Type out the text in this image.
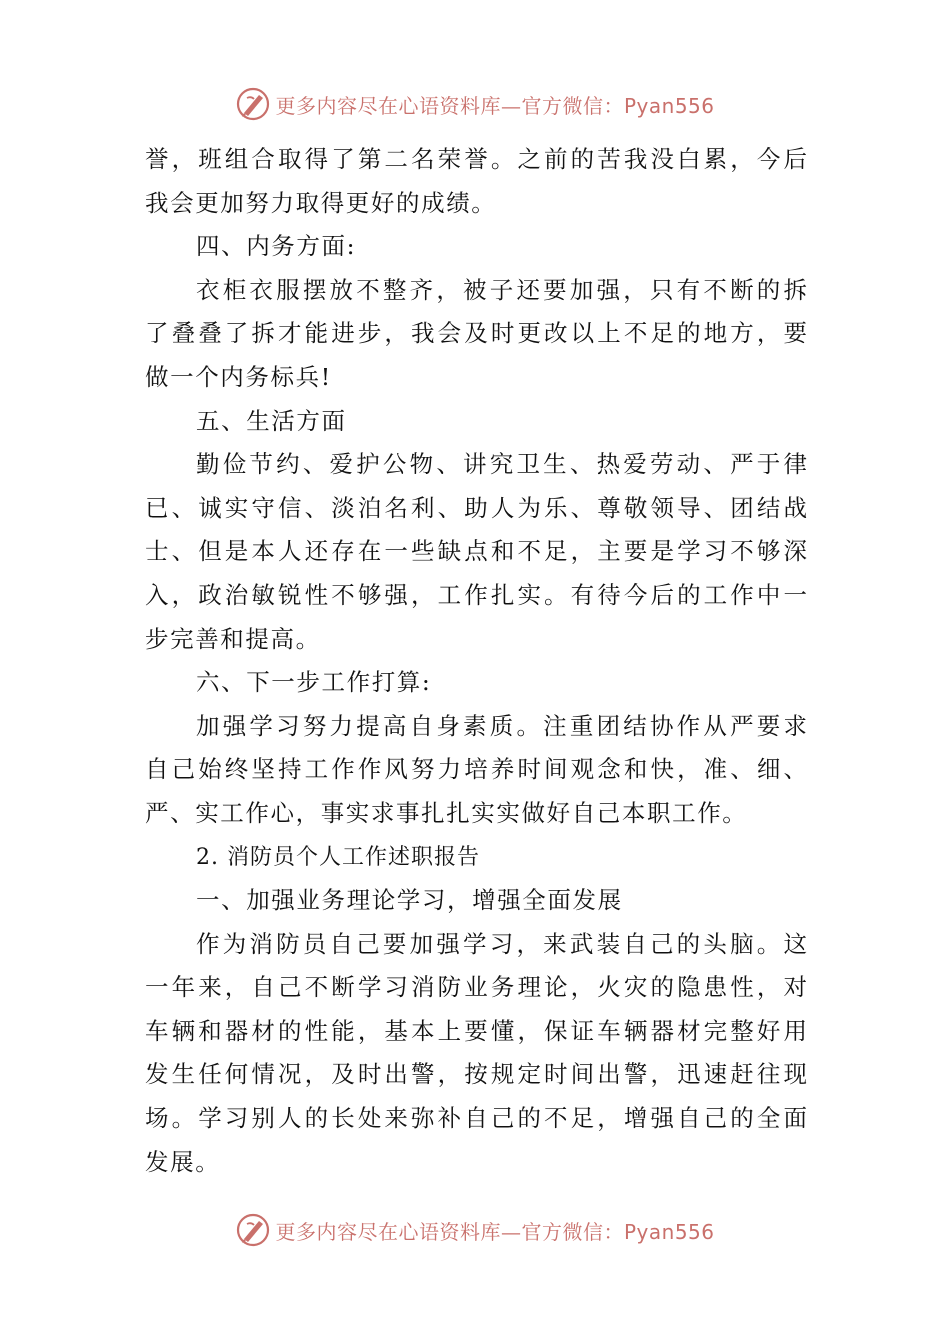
更多内容尽在心语资料库—官方微信：Pyan556
誉，班组合取得了第二名荣誉。之前的苦我没白累，今后
我会更加努力取得更好的成绩。
四、内务方面:
衣柜衣服摆放不整齐，被子还要加强，只有不断的拆
了叠叠了拆才能进步，我会及时更改以上不足的地方，要
做一个内务标兵!
五、生活方面
勤俭节约、爱护公物、讲究卫生、热爱劳动、严于律
已、诚实守信、淡泊名利、助人为乐、尊敬领导、团结战
士、但是本人还存在一些缺点和不足，主要是学习不够深
入，政治敏锐性不够强，工作扎实。有待今后的工作中一
步完善和提高。
六、下一步工作打算:
加强学习努力提高自身素质。注重团结协作从严要求
自己始终坚持工作作风努力培养时间观念和快，准、细、
严、实工作心，事实求事扎扎实实做好自己本职工作。
2. 消防员个人工作述职报告
一、加强业务理论学习，增强全面发展
作为消防员自己要加强学习，来武装自己的头脑。这
一年来，自己不断学习消防业务理论，火灾的隐患性，对
车辆和器材的性能，基本上要懂，保证车辆器材完整好用
发生任何情况，及时出警，按规定时间出警，迅速赶往现
场。学习别人的长处来弥补自己的不足，增强自己的全面
发展。
更多内容尽在心语资料库—官方微信：Pyan556
